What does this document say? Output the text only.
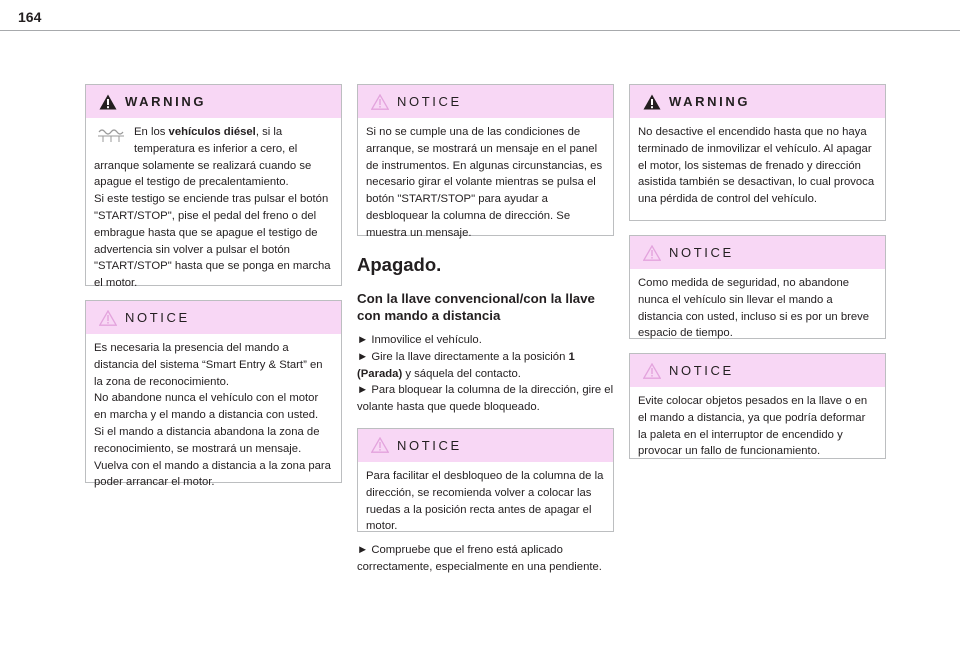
164
WARNING

En los vehículos diésel, si la temperatura es inferior a cero, el arranque solamente se realizará cuando se apague el testigo de precalentamiento.

Si este testigo se enciende tras pulsar el botón "START/STOP", pise el pedal del freno o del embrague hasta que se apague el testigo de advertencia sin volver a pulsar el botón "START/STOP" hasta que se ponga en marcha el motor.

NOTICE

Es necesaria la presencia del mando a distancia del sistema “Smart Entry & Start” en la zona de reconocimiento.

No abandone nunca el vehículo con el motor en marcha y el mando a distancia con usted.

Si el mando a distancia abandona la zona de reconocimiento, se mostrará un mensaje.

Vuelva con el mando a distancia a la zona para poder arrancar el motor.

NOTICE

Si no se cumple una de las condiciones de arranque, se mostrará un mensaje en el panel de instrumentos. En algunas circunstancias, es necesario girar el volante mientras se pulsa el botón "START/STOP" para ayudar a desbloquear la columna de dirección. Se muestra un mensaje.

Apagado.
Con la llave convencional/con la llave con mando a distancia

► Inmovilice el vehículo.

► Gire la llave directamente a la posición 1 (Parada) y sáquela del contacto.

► Para bloquear la columna de la dirección, gire el volante hasta que quede bloqueado.

NOTICE

Para facilitar el desbloqueo de la columna de la dirección, se recomienda volver a colocar las ruedas a la posición recta antes de apagar el motor.

► Compruebe que el freno está aplicado correctamente, especialmente en una pendiente.

WARNING

No desactive el encendido hasta que no haya terminado de inmovilizar el vehículo. Al apagar el motor, los sistemas de frenado y dirección asistida también se desactivan, lo cual provoca una pérdida de control del vehículo.

NOTICE

Como medida de seguridad, no abandone nunca el vehículo sin llevar el mando a distancia con usted, incluso si es por un breve espacio de tiempo.

NOTICE

Evite colocar objetos pesados en la llave o en el mando a distancia, ya que podría deformar la paleta en el interruptor de encendido y provocar un fallo de funcionamiento.
